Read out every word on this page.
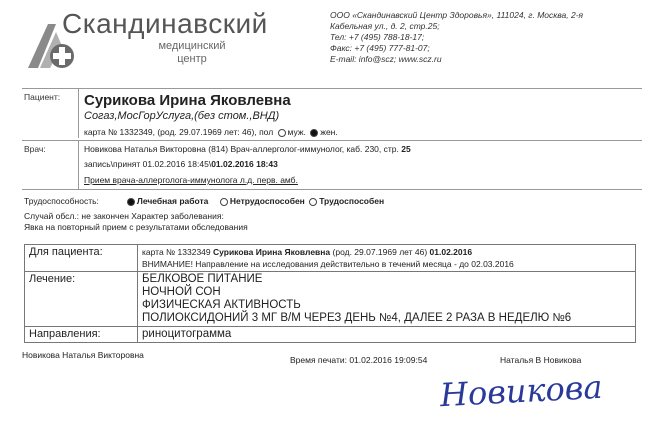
Скандинавский
медицинский
центр
ООО «Скандинавский Центр Здоровья», 111024, г. Москва, 2-я
Кабельная ул., д. 2, стр.25;
Тел: +7 (495) 788-18-17;
Факс: +7 (495) 777-81-07;
E-mail: info@scz; www.scz.ru
Пациент: Сурикова Ирина Яковлевна
Согаз,МосГорУслуга,(без стом.,ВНД)
карта № 1332349, (род. 29.07.1969 лет: 46), пол муж. жен.
Врач:	Новикова Наталья Викторовна (814) Врач-аллерголог-иммунолог, каб. 230, стр. 25
запись\принят 01.02.2016 18:45\01.02.2016 18:43
Прием врача-аллерголога-иммунолога л.д. перв. амб.
Трудоспособность:	Лечебная работа	Нетрудоспособен Трудоспособен
Случай обсл.: не закончен Характер заболевания:
Явка на повторный прием с результатами обследования
Для пациента:	карта № 1332349 Сурикова Ирина Яковлевна (род. 29.07.1969 лет 46) 01.02.2016
ВНИМАНИЕ! Направление на исследования действительно в течений месяца - до 02.03.2016

Лечение:	БЕЛКОВОЕ ПИТАНИЕ
НОЧНОЙ СОН
ФИЗИЧЕСКАЯ АКТИВНОСТЬ
ПОЛИОКСИДОНИЙ 3 МГ В/М ЧЕРЕЗ ДЕНЬ №4, ДАЛЕЕ 2 РАЗА В НЕДЕЛЮ №6

Направления:	риноцитограмма
Новикова Наталья Викторовна	Время печати: 01.02.2016 19:09:54	Наталья В Новикова
Новикова
